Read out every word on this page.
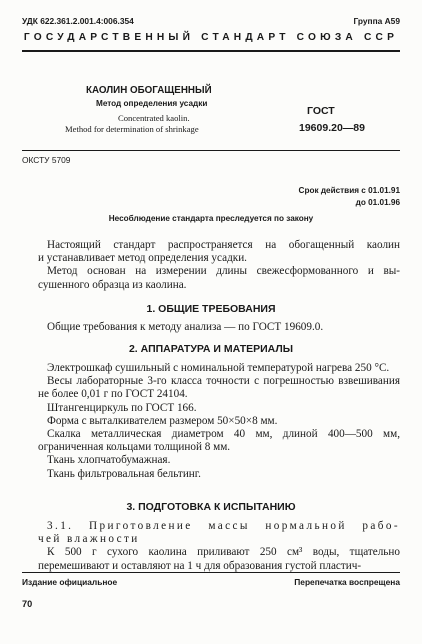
УДК 622.361.2.001.4:006.354	Группа А59
ГОСУДАРСТВЕННЫЙ СТАНДАРТ СОЮЗА ССР
КАОЛИН ОБОГАЩЕННЫЙ
Метод определения усадки
Concentrated kaolin.
Method for determination of shrinkage
ГОСТ
19609.20—89
ОКСТУ 5709
Срок действия с 01.01.91
до 01.01.96
Несоблюдение стандарта преследуется по закону

Настоящий стандарт распространяется на обогащенный каолин

и устанавливает метод определения усадки.

Метод основан на измерении длины свежесформованного и вы-

сушенного образца из каолина.

1. ОБЩИЕ ТРЕБОВАНИЯ

Общие требования к методу анализа — по ГОСТ 19609.0.

2. АППАРАТУРА И МАТЕРИАЛЫ

Электрошкаф сушильный с номинальной температурой нагрева 250 °С.

Весы лабораторные 3-го класса точности с погрешностью взвешивания не более 0,01 г по ГОСТ 24104.

Штангенциркуль по ГОСТ 166.

Форма с выталкивателем размером 50×50×8 мм.

Скалка металлическая диаметром 40 мм, длиной 400—500 мм, ограниченная кольцами толщиной 8 мм.

Ткань хлопчатобумажная.

Ткань фильтровальная бельтинг.

3. ПОДГОТОВКА К ИСПЫТАНИЮ

3.1. Приготовление массы нормальной рабо-

чей влажности

К 500 г сухого каолина приливают 250 см³ воды, тщательно перемешивают и оставляют на 1 ч для образования густой пластич-

Издание официальное	Перепечатка воспрещена
70
